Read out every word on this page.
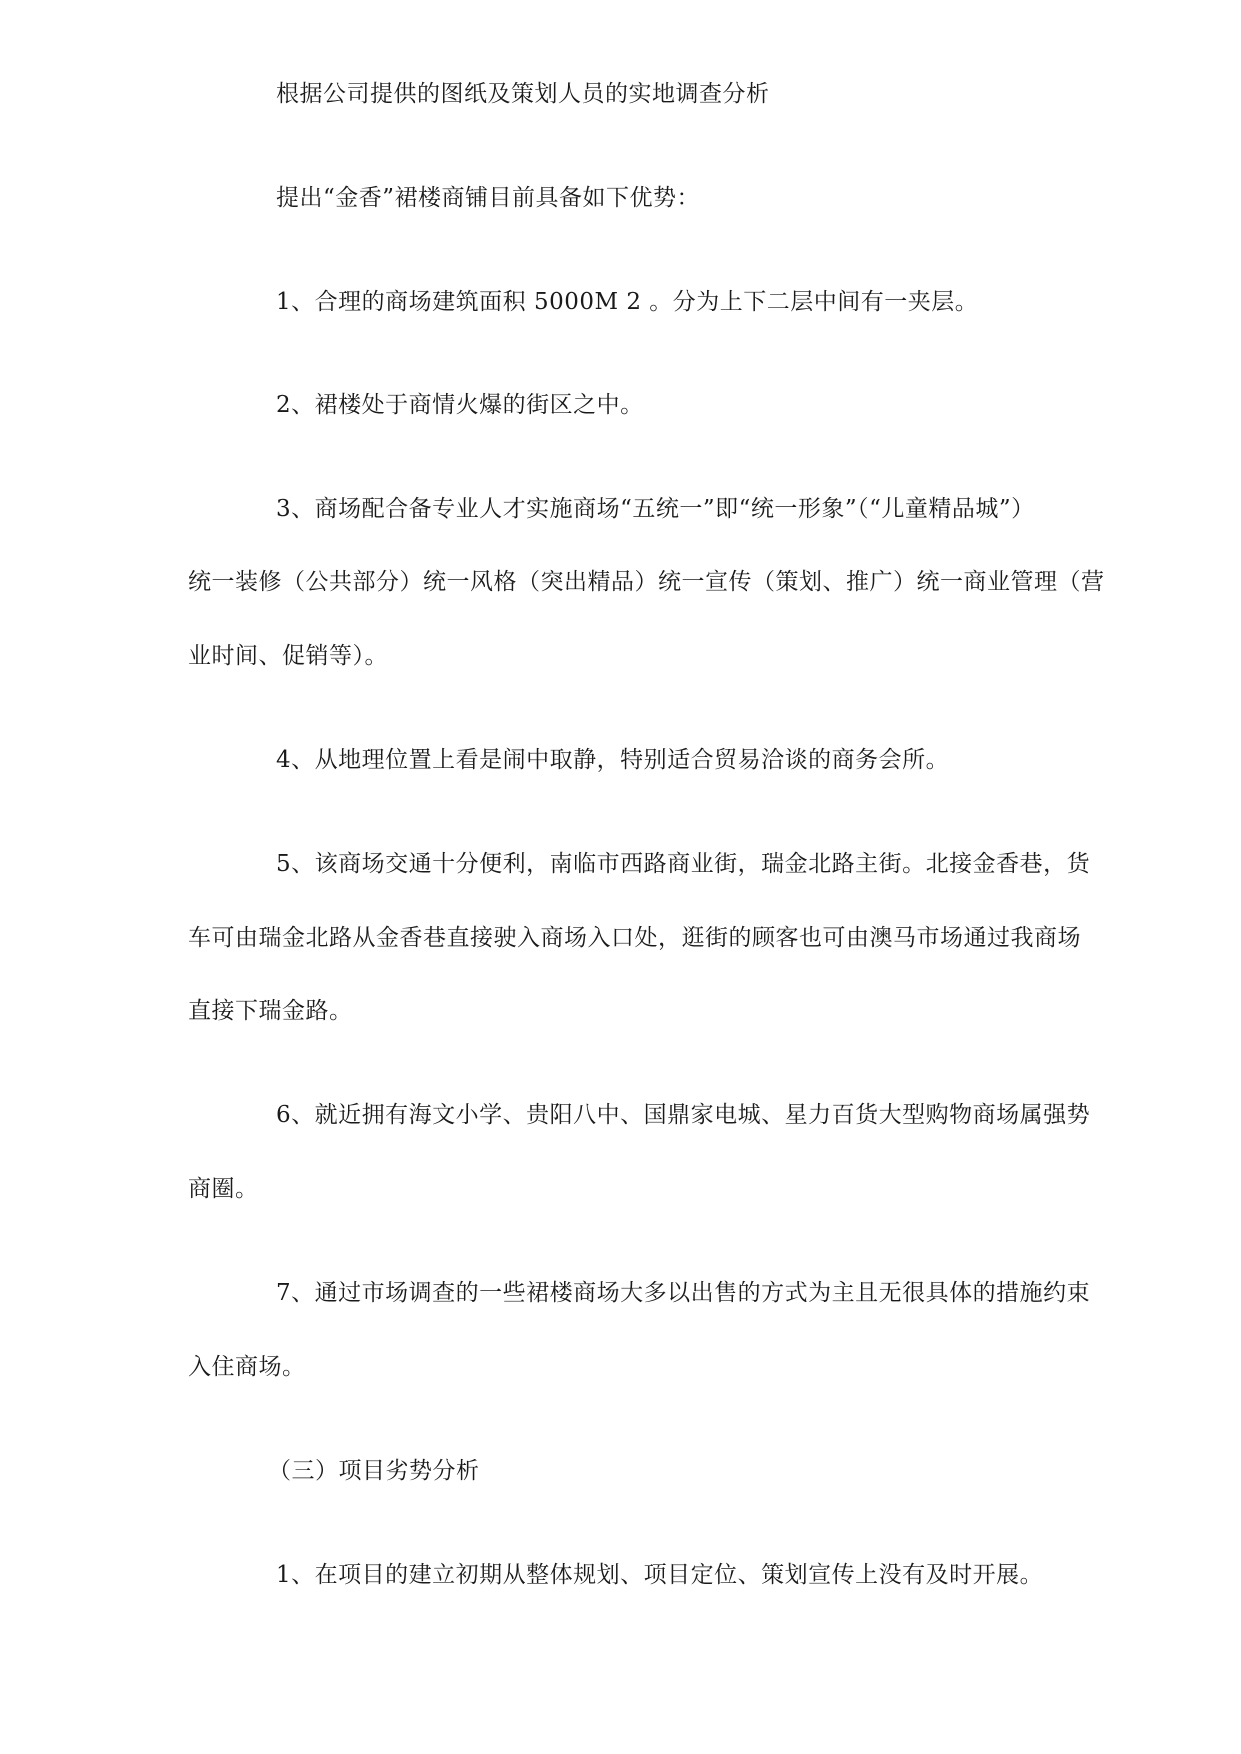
根据公司提供的图纸及策划人员的实地调查分析
提出“金香”裙楼商铺目前具备如下优势：
1、合理的商场建筑面积 5000M 2 。分为上下二层中间有一夹层。
2、裙楼处于商情火爆的街区之中。
3、商场配合备专业人才实施商场“五统一”即“统一形象”（“儿童精品城”）
统一装修（公共部分）统一风格（突出精品）统一宣传（策划、推广）统一商业管理（营
业时间、促销等）。
4、从地理位置上看是闹中取静，特别适合贸易洽谈的商务会所。
5、该商场交通十分便利，南临市西路商业街，瑞金北路主街。北接金香巷，货
车可由瑞金北路从金香巷直接驶入商场入口处，逛街的顾客也可由澳马市场通过我商场
直接下瑞金路。
6、就近拥有海文小学、贵阳八中、国鼎家电城、星力百货大型购物商场属强势
商圈。
7、通过市场调查的一些裙楼商场大多以出售的方式为主且无很具体的措施约束
入住商场。
（三）项目劣势分析
1、在项目的建立初期从整体规划、项目定位、策划宣传上没有及时开展。
